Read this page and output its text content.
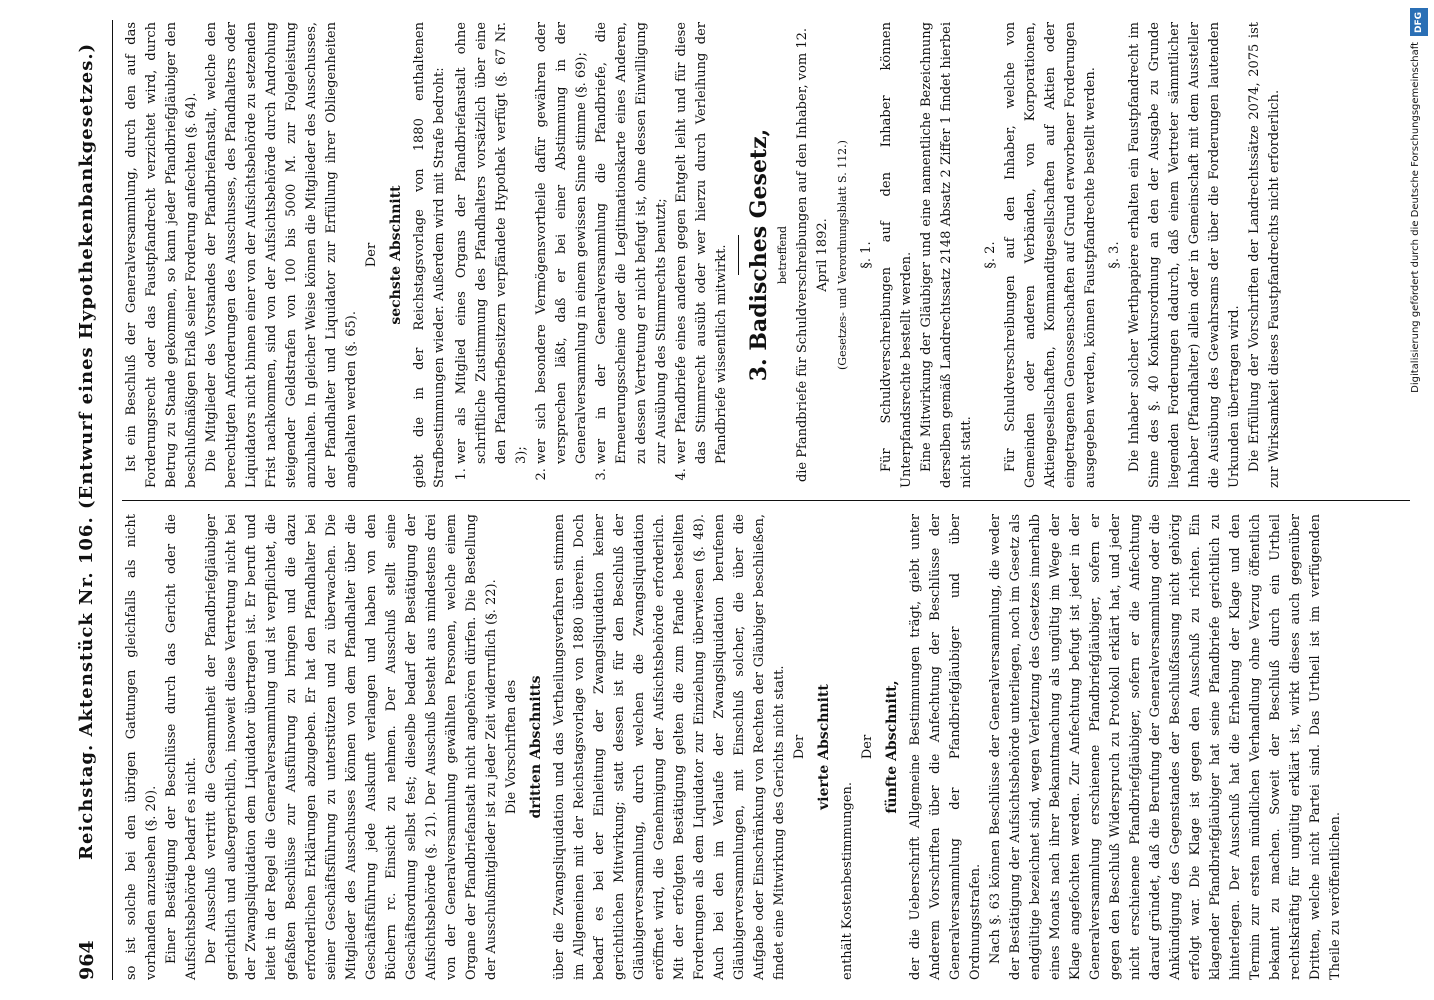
964
Reichstag. Aktenstück Nr. 106. (Entwurf eines Hypothekenbankgesetzes.) so ist solche bei den übrigen Gattungen gleichfalls als nicht vorhanden anzusehen (§. 20). Einer Bestätigung der Beschlüsse durch das Gericht oder die Aufsichtsbehörde bedarf es nicht. Der Ausschuß vertritt die Gesammtheit der Pfandbriefgläubiger gerichtlich und außergerichtlich, insoweit diese Vertretung nicht bei der Zwangsliquidation dem Liquidator übertragen ist. Er beruft und leitet in der Regel die Generalversammlung und ist verpflichtet, die gefaßten Beschlüsse zur Ausführung zu bringen und die dazu erforderlichen Erklärungen abzugeben. Er hat den Pfandhalter bei seiner Geschäftsführung zu unterstützen und zu überwachen. Die Mitglieder des Ausschusses können von dem Pfandhalter über die Geschäftsführung jede Auskunft verlangen und haben von den Büchern rc. Einsicht zu nehmen. Der Ausschuß stellt seine Geschäftsordnung selbst fest; dieselbe bedarf der Bestätigung der Aufsichtsbehörde (§. 21). Der Ausschuß besteht aus mindestens drei von der Generalversammlung gewählten Personen, welche einem Organe der Pfandbriefanstalt nicht angehören dürfen. Die Bestellung der Ausschußmitglieder ist zu jeder Zeit widerruflich (§. 22). Die Vorschriften des dritten Abschnitts über die Zwangsliquidation und das Vertheilungsverfahren stimmen im Allgemeinen mit der Reichstagsvorlage von 1880 überein. Doch bedarf es bei der Einleitung der Zwangsliquidation keiner gerichtlichen Mitwirkung; statt dessen ist für den Beschluß der Gläubigerversammlung, durch welchen die Zwangsliquidation eröffnet wird, die Genehmigung der Aufsichtsbehörde erforderlich. Mit der erfolgten Bestätigung gelten die zum Pfande bestellten Forderungen als dem Liquidator zur Einziehung überwiesen (§. 48). Auch bei den im Verlaufe der Zwangsliquidation berufenen Gläubigerversammlungen, mit Einschluß solcher, die über die Aufgabe oder Einschränkung von Rechten der Gläubiger beschließen, findet eine Mitwirkung des Gerichts nicht statt. Der vierte Abschnitt

enthält Kostenbestimmungen.

Der fünfte Abschnitt, der die Ueberschrift Allgemeine Bestimmungen trägt, giebt unter Anderem Vorschriften über die Anfechtung der Beschlüsse der Generalversammlung der Pfandbriefgläubiger und über Ordnungsstrafen. Nach §. 63 können Beschlüsse der Generalversammlung, die weder der Bestätigung der Aufsichtsbehörde unterliegen, noch im Gesetz als endgültige bezeichnet sind, wegen Verletzung des Gesetzes innerhalb eines Monats nach ihrer Bekanntmachung als ungültig im Wege der Klage angefochten werden. Zur Anfechtung befugt ist jeder in der Generalversammlung erschienene Pfandbriefgläubiger, sofern er gegen den Beschluß Widerspruch zu Protokoll erklärt hat, und jeder nicht erschienene Pfandbriefgläubiger, sofern er die Anfechtung darauf gründet, daß die Berufung der Generalversammlung oder die Ankündigung des Gegenstandes der Beschlußfassung nicht gehörig erfolgt war. Die Klage ist gegen den Ausschuß zu richten. Ein klagender Pfandbriefgläubiger hat seine Pfandbriefe gerichtlich zu hinterlegen. Der Ausschuß hat die Erhebung der Klage und den Termin zur ersten mündlichen Verhandlung ohne Verzug öffentlich bekannt zu machen. Soweit der Beschluß durch ein Urtheil rechtskräftig für ungültig erklärt ist, wirkt dieses auch gegenüber Dritten, welche nicht Partei sind. Das Urtheil ist im verfügenden Theile zu veröffentlichen.

Ist ein Beschluß der Generalversammlung, durch den auf das Forderungsrecht oder das Faustpfandrecht verzichtet wird, durch Betrug zu Stande gekommen, so kann jeder Pfandbriefgläubiger den beschlußmäßigen Erlaß seiner Forderung anfechten (§. 64). Die Mitglieder des Vorstandes der Pfandbriefanstalt, welche den berechtigten Anforderungen des Ausschusses, des Pfandhalters oder Liquidators nicht binnen einer von der Aufsichtsbehörde zu setzenden Frist nachkommen, sind von der Aufsichtsbehörde durch Androhung steigender Geldstrafen von 100 bis 5000 M. zur Folgeleistung anzuhalten. In gleicher Weise können die Mitglieder des Ausschusses, der Pfandhalter und Liquidator zur Erfüllung ihrer Obliegenheiten angehalten werden (§. 65).

Der sechste Abschnitt giebt die in der Reichstagsvorlage von 1880 enthaltenen Strafbestimmungen wieder. Außerdem wird mit Strafe bedroht: 1. wer als Mitglied eines Organs der Pfandbriefanstalt ohne schriftliche Zustimmung des Pfandhalters vorsätzlich über eine den Pfandbriefbesitzern verpfändete Hypothek verfügt (§. 67 Nr. 3); 2. wer sich besondere Vermögensvortheile dafür gewähren oder versprechen läßt, daß er bei einer Abstimmung in der Generalversammlung in einem gewissen Sinne stimme (§. 69); 3. wer in der Generalversammlung die Pfandbriefe, die Erneuerungsscheine oder die Legitimationskarte eines Anderen, zu dessen Vertretung er nicht befugt ist, ohne dessen Einwilligung zur Ausübung des Stimmrechts benutzt; 4. wer Pfandbriefe eines anderen gegen Entgelt leiht und für diese das Stimmrecht ausübt oder wer hierzu durch Verleihung der Pfandbriefe wissentlich mitwirkt. 3. Badisches Gesetz, betreffend die Pfandbriefe für Schuldverschreibungen auf den Inhaber, vom 12. April 1892. (Gesetzes- und Verordnungsblatt S. 112.) §. 1. Für Schuldverschreibungen auf den Inhaber können Unterpfandsrechte bestellt werden. Eine Mitwirkung der Gläubiger und eine namentliche Bezeichnung derselben gemäß Landrechtssatz 2148 Absatz 2 Ziffer 1 findet hierbei nicht statt.

§. 2. Für Schuldverschreibungen auf den Inhaber, welche von Gemeinden oder anderen Verbänden, von Korporationen, Aktiengesellschaften, Kommanditgesellschaften auf Aktien oder eingetragenen Genossenschaften auf Grund erworbener Forderungen ausgegeben werden, können Faustpfandrechte bestellt werden. §. 3. Die Inhaber solcher Werthpapiere erhalten ein Faustpfandrecht im Sinne des §. 40 Konkursordnung an den der Ausgabe zu Grunde liegenden Forderungen dadurch, daß einem Vertreter sämmtlicher Inhaber (Pfandhalter) allein oder in Gemeinschaft mit dem Aussteller die Ausübung des Gewahrsams der über die Forderungen lautenden Urkunden übertragen wird. Die Erfüllung der Vorschriften der Landrechtssätze 2074, 2075 ist zur Wirksamkeit dieses Faustpfandrechts nicht erforderlich.

DFG
Digitalisierung gefördert durch die Deutsche Forschungsgemeinschaft
